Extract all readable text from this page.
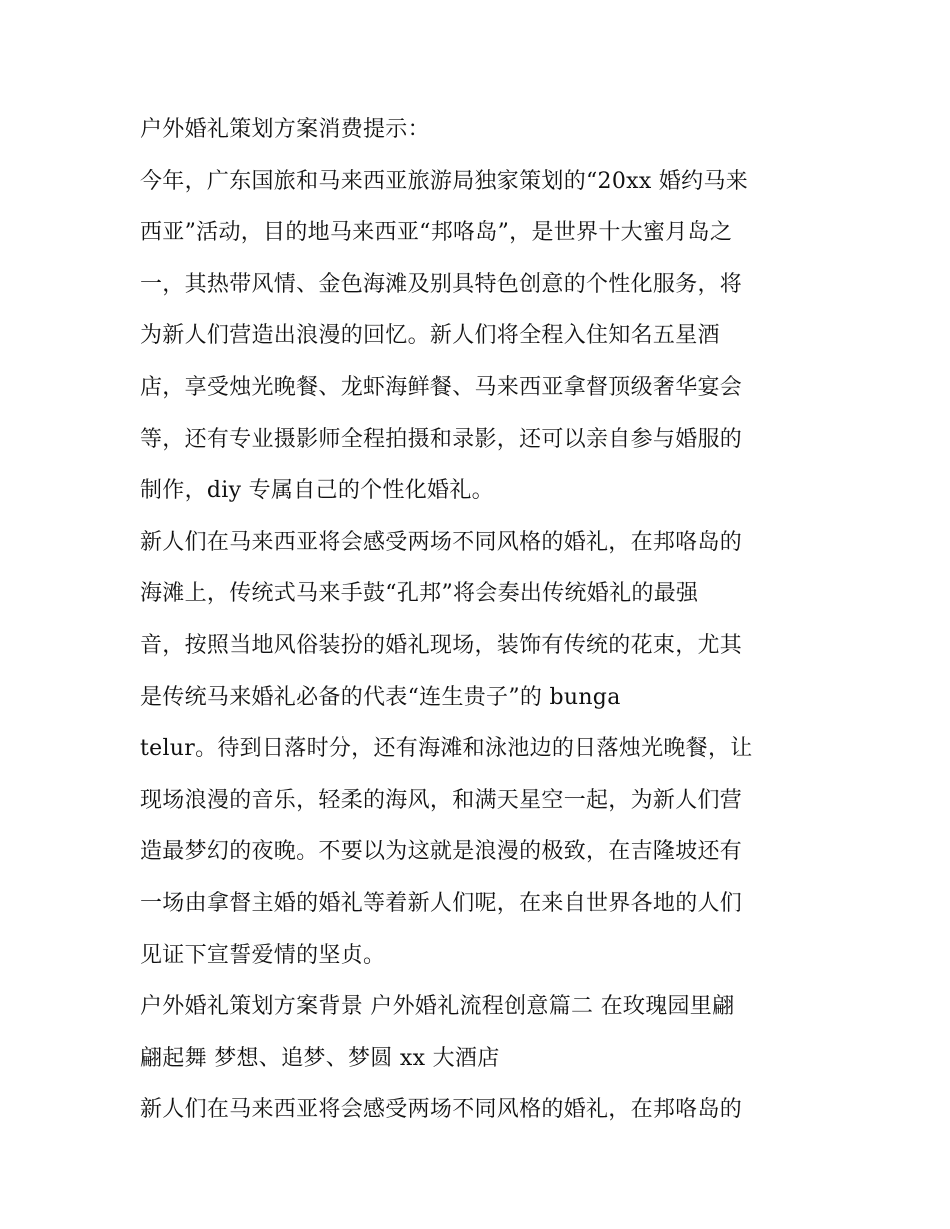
户外婚礼策划方案消费提示：
今年，广东国旅和马来西亚旅游局独家策划的“20xx 婚约马来
西亚”活动，目的地马来西亚“邦咯岛”，是世界十大蜜月岛之
一，其热带风情、金色海滩及别具特色创意的个性化服务，将
为新人们营造出浪漫的回忆。新人们将全程入住知名五星酒
店，享受烛光晚餐、龙虾海鲜餐、马来西亚拿督顶级奢华宴会
等，还有专业摄影师全程拍摄和录影，还可以亲自参与婚服的
制作，diy 专属自己的个性化婚礼。
新人们在马来西亚将会感受两场不同风格的婚礼，在邦咯岛的
海滩上，传统式马来手鼓“孔邦”将会奏出传统婚礼的最强
音，按照当地风俗装扮的婚礼现场，装饰有传统的花束，尤其
是传统马来婚礼必备的代表“连生贵子”的 bunga
telur。待到日落时分，还有海滩和泳池边的日落烛光晚餐，让
现场浪漫的音乐，轻柔的海风，和满天星空一起，为新人们营
造最梦幻的夜晚。不要以为这就是浪漫的极致，在吉隆坡还有
一场由拿督主婚的婚礼等着新人们呢，在来自世界各地的人们
见证下宣誓爱情的坚贞。
户外婚礼策划方案背景 户外婚礼流程创意篇二 在玫瑰园里翩
翩起舞 梦想、追梦、梦圆 xx 大酒店
新人们在马来西亚将会感受两场不同风格的婚礼，在邦咯岛的
